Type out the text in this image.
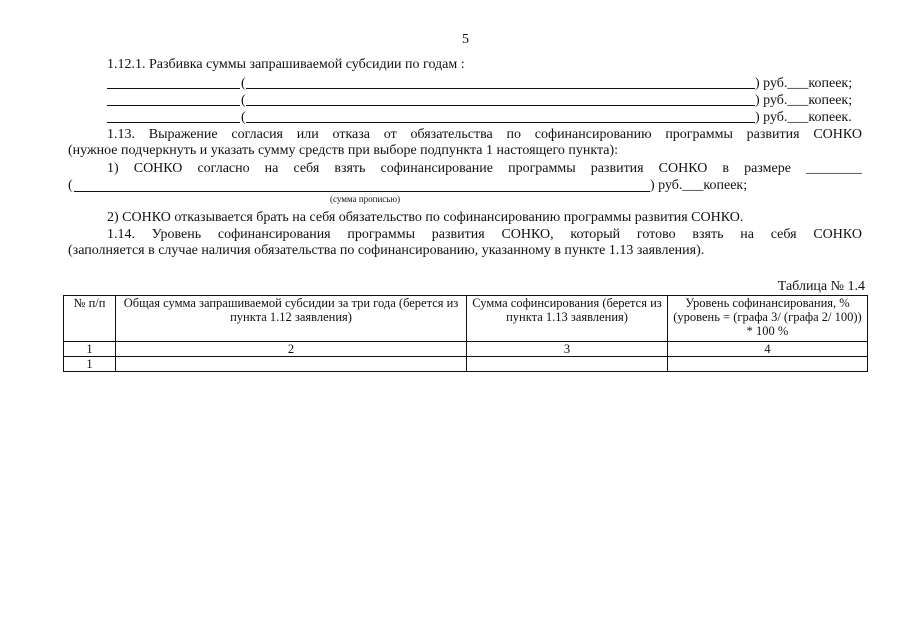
5
1.12.1. Разбивка суммы запрашиваемой субсидии по годам :
(	) руб.___копеек;
(	) руб.___копеек;
(	) руб.___копеек.
1.13. Выражение согласия или отказа от обязательства по софинансированию программы развития СОНКО
(нужное подчеркнуть и указать сумму средств при выборе подпункта 1 настоящего пункта):
1) СОНКО согласно на себя взять софинансирование программы развития СОНКО в размере ________
(	) руб.___копеек;
(сумма прописью)
2) СОНКО отказывается брать на себя обязательство по софинансированию программы развития СОНКО.
1.14. Уровень софинансирования программы развития СОНКО, который готово взять на себя СОНКО
(заполняется в случае наличия обязательства по софинансированию, указанному в пункте 1.13 заявления).
Таблица № 1.4
№ п/п	Общая сумма запрашиваемой субсидии за три года (берется из пункта 1.12 заявления)	Сумма софинсирования (берется из пункта 1.13 заявления)	Уровень софинансирования, % (уровень = (графа 3/ (графа 2/ 100)) * 100 %
1	2	3	4
1			
